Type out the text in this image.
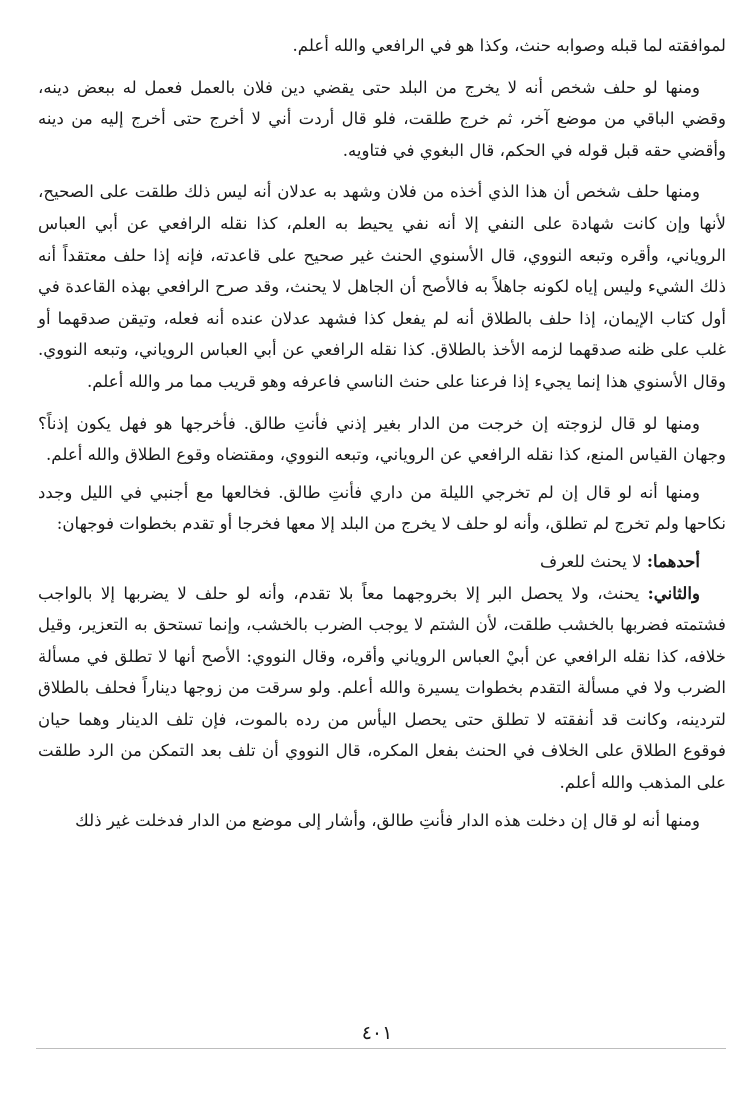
لموافقته لما قبله وصوابه حنث، وكذا هو في الرافعي والله أعلم.

ومنها لو حلف شخص أنه لا يخرج من البلد حتى يقضي دين فلان بالعمل فعمل له ببعض دينه، وقضي الباقي من موضع آخر، ثم خرج طلقت، فلو قال أردت أني لا أخرج حتى أخرج إليه من دينه وأقضي حقه قبل قوله في الحكم، قال البغوي في فتاويه.

ومنها حلف شخص أن هذا الذي أخذه من فلان وشهد به عدلان أنه ليس ذلك طلقت على الصحيح، لأنها وإن كانت شهادة على النفي إلا أنه نفي يحيط به العلم، كذا نقله الرافعي عن أبي العباس الروياني، وأقره وتبعه النووي، قال الأسنوي الحنث غير صحيح على قاعدته، فإنه إذا حلف معتقداً أنه ذلك الشيء وليس إياه لكونه جاهلاً به فالأصح أن الجاهل لا يحنث، وقد صرح الرافعي بهذه القاعدة في أول كتاب الإيمان، إذا حلف بالطلاق أنه لم يفعل كذا فشهد عدلان عنده أنه فعله، وتيقن صدقهما أو غلب على ظنه صدقهما لزمه الأخذ بالطلاق. كذا نقله الرافعي عن أبي العباس الروياني، وتبعه النووي. وقال الأسنوي هذا إنما يجيء إذا فرعنا على حنث الناسي فاعرفه وهو قريب مما مر والله أعلم.

ومنها لو قال لزوجته إن خرجت من الدار بغير إذني فأنتِ طالق. فأخرجها هو فهل يكون إذناً؟ وجهان القياس المنع، كذا نقله الرافعي عن الروياني، وتبعه النووي، ومقتضاه وقوع الطلاق والله أعلم.

ومنها أنه لو قال إن لم تخرجي الليلة من داري فأنتِ طالق. فخالعها مع أجنبي في الليل وجدد نكاحها ولم تخرج لم تطلق، وأنه لو حلف لا يخرج من البلد إلا معها فخرجا أو تقدم بخطوات فوجهان:

أحدهما: لا يحنث للعرف

والثاني: يحنث، ولا يحصل البر إلا بخروجهما معاً بلا تقدم، وأنه لو حلف لا يضربها إلا بالواجب فشتمته فضربها بالخشب طلقت، لأن الشتم لا يوجب الضرب بالخشب، وإنما تستحق به التعزير، وقيل خلافه، كذا نقله الرافعي عن أبيْ العباس الروياني وأقره، وقال النووي: الأصح أنها لا تطلق في مسألة الضرب ولا في مسألة التقدم بخطوات يسيرة والله أعلم. ولو سرقت من زوجها ديناراً فحلف بالطلاق لتردينه، وكانت قد أنفقته لا تطلق حتى يحصل اليأس من رده بالموت، فإن تلف الدينار وهما حيان فوقوع الطلاق على الخلاف في الحنث بفعل المكره، قال النووي أن تلف بعد التمكن من الرد طلقت على المذهب والله أعلم.

ومنها أنه لو قال إن دخلت هذه الدار فأنتِ طالق، وأشار إلى موضع من الدار فدخلت غير ذلك

٤٠١
